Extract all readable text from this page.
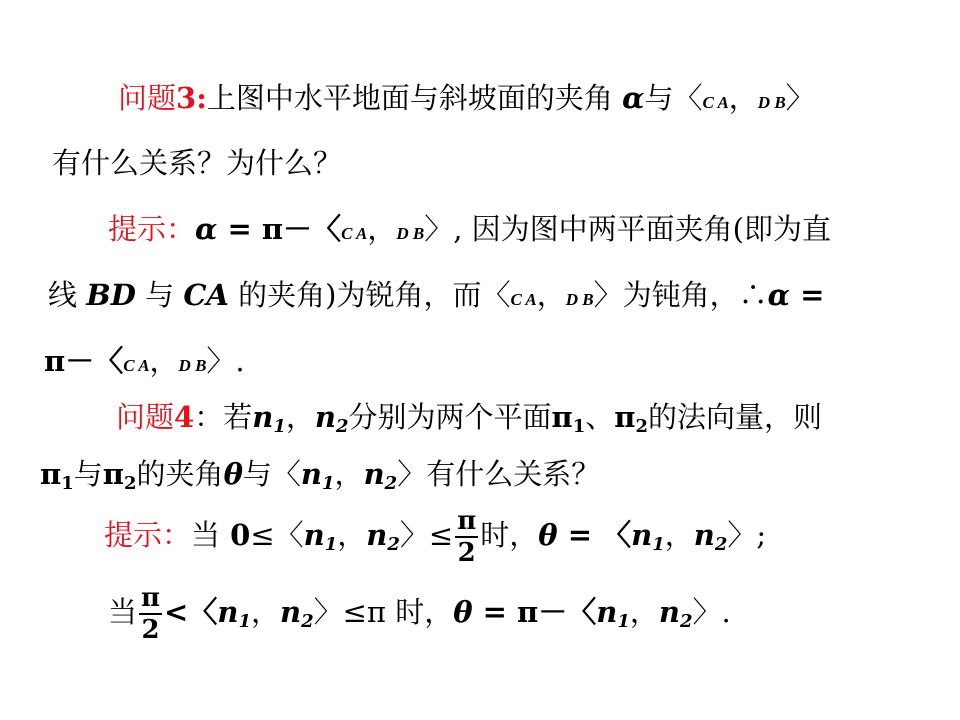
问题3:上图中水平地面与斜坡面的夹角 α与〈C A，D B〉
有什么关系？为什么？
提示：α = π－〈C A，D B〉, 因为图中两平面夹角(即为直
线 BD 与 CA 的夹角)为锐角，而〈C A，D B〉为钝角，∴α =
π－〈C A，D B〉.
问题4：若$n_1$，$n_2$分别为两个平面$\pi_1$、$\pi_2$的法向量，则
$\pi_1$与$\pi_2$的夹角θ与〈$n_1$，$n_2$〉有什么关系？
提示：当 0≤〈$n_1$，$n_2$〉≤ $\frac{\pi}{2}$ 时，θ = 〈$n_1$，$n_2$〉;
当 $\frac{\pi}{2}$ <〈$n_1$，$n_2$〉≤π 时，θ = π－〈$n_1$，$n_2$〉.
